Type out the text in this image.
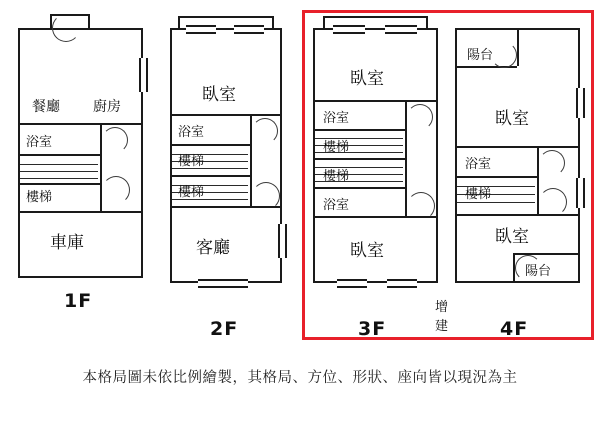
餐廳 廚房
浴室
樓梯
車庫
1F
臥室
浴室
樓梯
樓梯
客廳
2F
臥室
浴室
樓梯
樓梯
浴室
臥室
3F
增建
陽台
臥室
浴室
樓梯
臥室
陽台
4F
本格局圖未依比例繪製，其格局、方位、形狀、座向皆以現況為主
